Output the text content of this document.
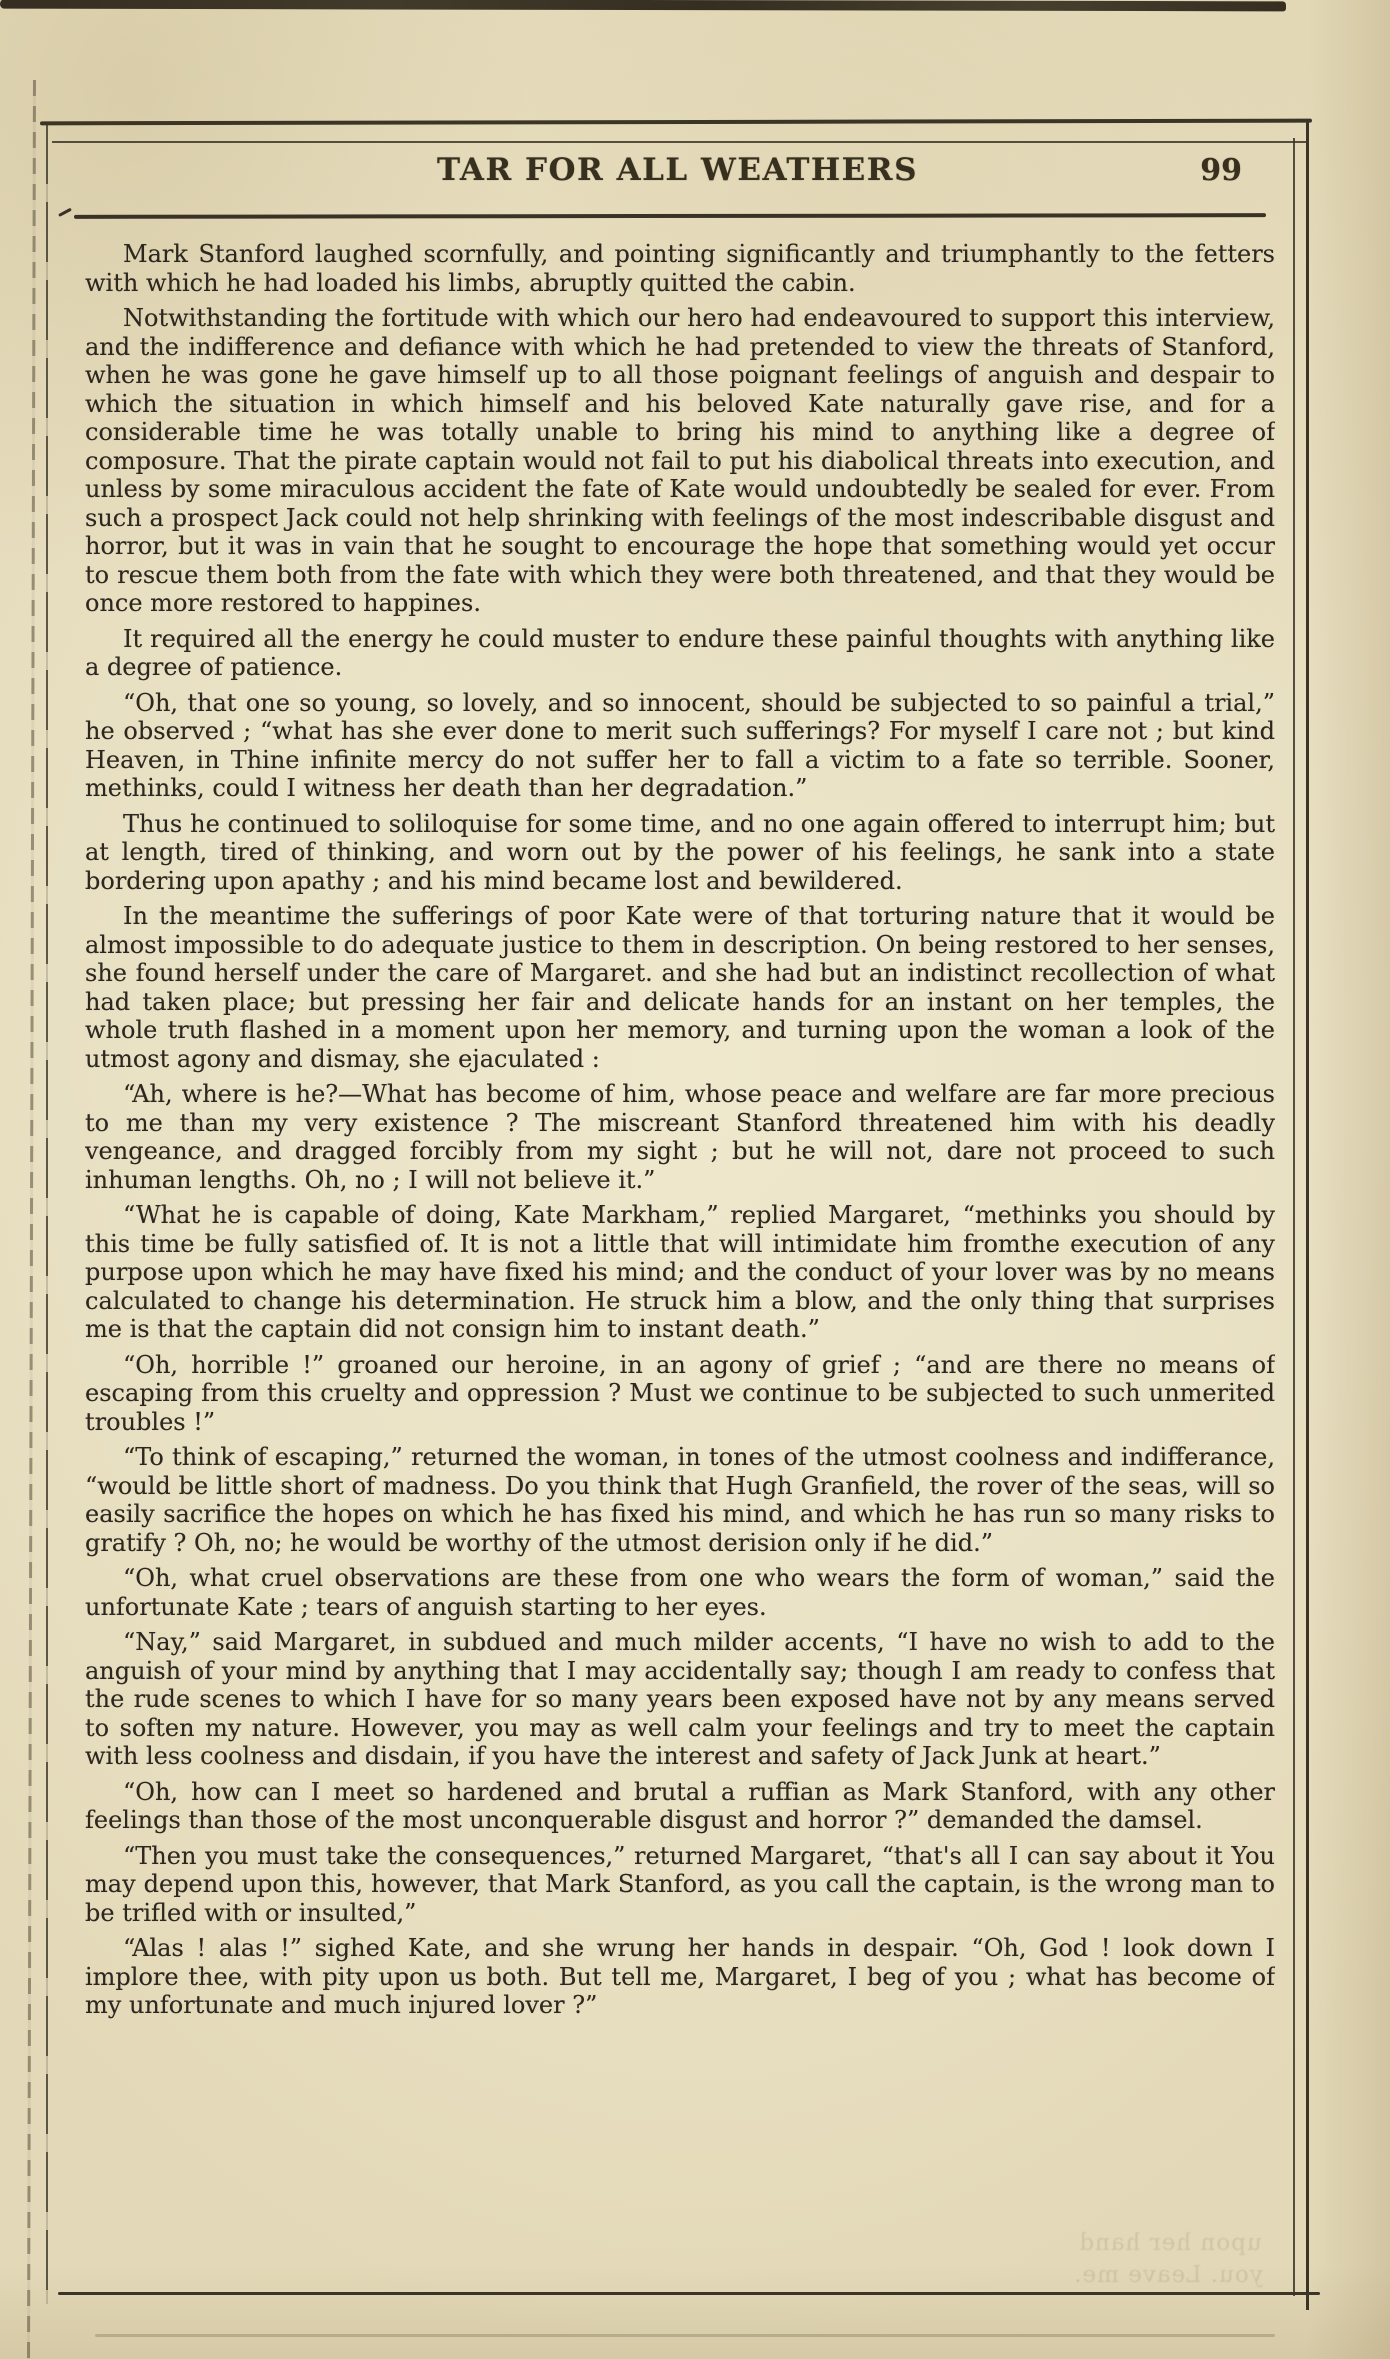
TAR FOR ALL WEATHERS	99

Mark Stanford laughed scornfully, and pointing significantly and triumphantly to the fetters with which he had loaded his limbs, abruptly quitted the cabin.

Notwithstanding the fortitude with which our hero had endeavoured to support this interview, and the indifference and defiance with which he had pretended to view the threats of Stanford, when he was gone he gave himself up to all those poignant feelings of anguish and despair to which the situation in which himself and his beloved Kate naturally gave rise, and for a considerable time he was totally unable to bring his mind to anything like a degree of composure. That the pirate captain would not fail to put his diabolical threats into execution, and unless by some miraculous accident the fate of Kate would undoubtedly be sealed for ever. From such a prospect Jack could not help shrinking with feelings of the most indescribable disgust and horror, but it was in vain that he sought to encourage the hope that something would yet occur to rescue them both from the fate with which they were both threatened, and that they would be once more restored to happines.

It required all the energy he could muster to endure these painful thoughts with anything like a degree of patience.

“Oh, that one so young, so lovely, and so innocent, should be subjected to so painful a trial,” he observed ; “what has she ever done to merit such sufferings? For myself I care not ; but kind Heaven, in Thine infinite mercy do not suffer her to fall a victim to a fate so terrible. Sooner, methinks, could I witness her death than her degradation.”

Thus he continued to soliloquise for some time, and no one again offered to interrupt him; but at length, tired of thinking, and worn out by the power of his feelings, he sank into a state bordering upon apathy ; and his mind became lost and bewildered.

In the meantime the sufferings of poor Kate were of that torturing nature that it would be almost impossible to do adequate justice to them in description. On being restored to her senses, she found herself under the care of Margaret. and she had but an indistinct recollection of what had taken place; but pressing her fair and delicate hands for an instant on her temples, the whole truth flashed in a moment upon her memory, and turning upon the woman a look of the utmost agony and dismay, she ejaculated :

“Ah, where is he?—What has become of him, whose peace and welfare are far more precious to me than my very existence ? The miscreant Stanford threatened him with his deadly vengeance, and dragged forcibly from my sight ; but he will not, dare not proceed to such inhuman lengths. Oh, no ; I will not believe it.”

“What he is capable of doing, Kate Markham,” replied Margaret, “methinks you should by this time be fully satisfied of. It is not a little that will intimidate him fromthe execution of any purpose upon which he may have fixed his mind; and the conduct of your lover was by no means calculated to change his determination. He struck him a blow, and the only thing that surprises me is that the captain did not consign him to instant death.”

“Oh, horrible !” groaned our heroine, in an agony of grief ; “and are there no means of escaping from this cruelty and oppression ? Must we continue to be subjected to such unmerited troubles !”

“To think of escaping,” returned the woman, in tones of the utmost coolness and indifferance, “would be little short of madness. Do you think that Hugh Granfield, the rover of the seas, will so easily sacrifice the hopes on which he has fixed his mind, and which he has run so many risks to gratify ? Oh, no; he would be worthy of the utmost derision only if he did.”

“Oh, what cruel observations are these from one who wears the form of woman,” said the unfortunate Kate ; tears of anguish starting to her eyes.

“Nay,” said Margaret, in subdued and much milder accents, “I have no wish to add to the anguish of your mind by anything that I may accidentally say; though I am ready to confess that the rude scenes to which I have for so many years been exposed have not by any means served to soften my nature. However, you may as well calm your feelings and try to meet the captain with less coolness and disdain, if you have the interest and safety of Jack Junk at heart.”

“Oh, how can I meet so hardened and brutal a ruffian as Mark Stanford, with any other feelings than those of the most unconquerable disgust and horror ?” demanded the damsel.

“Then you must take the consequences,” returned Margaret, “that's all I can say about it You may depend upon this, however, that Mark Stanford, as you call the captain, is the wrong man to be trifled with or insulted,”

“Alas ! alas !” sighed Kate, and she wrung her hands in despair. “Oh, God ! look down I implore thee, with pity upon us both. But tell me, Margaret, I beg of you ; what has become of my unfortunate and much injured lover ?”

upon her hand
you. Leave me.
